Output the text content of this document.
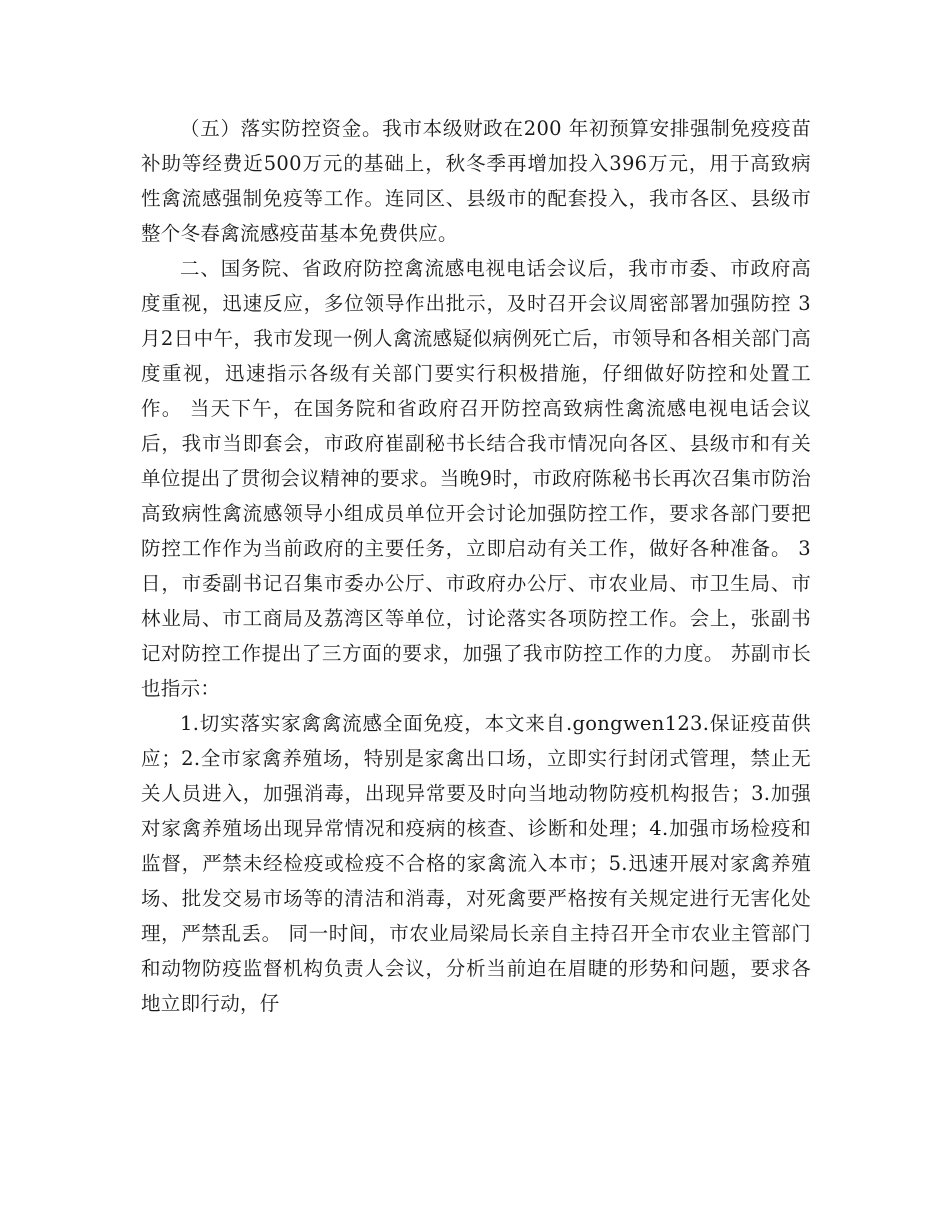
（五）落实防控资金。我市本级财政在200 年初预算安排强制免疫疫苗补助等经费近500万元的基础上，秋冬季再增加投入396万元，用于高致病性禽流感强制免疫等工作。连同区、县级市的配套投入，我市各区、县级市整个冬春禽流感疫苗基本免费供应。

二、国务院、省政府防控禽流感电视电话会议后，我市市委、市政府高度重视，迅速反应，多位领导作出批示，及时召开会议周密部署加强防控 3月2日中午，我市发现一例人禽流感疑似病例死亡后，市领导和各相关部门高度重视，迅速指示各级有关部门要实行积极措施，仔细做好防控和处置工作。 当天下午，在国务院和省政府召开防控高致病性禽流感电视电话会议后，我市当即套会，市政府崔副秘书长结合我市情况向各区、县级市和有关单位提出了贯彻会议精神的要求。当晚9时，市政府陈秘书长再次召集市防治高致病性禽流感领导小组成员单位开会讨论加强防控工作，要求各部门要把防控工作作为当前政府的主要任务，立即启动有关工作，做好各种准备。 3日，市委副书记召集市委办公厅、市政府办公厅、市农业局、市卫生局、市林业局、市工商局及荔湾区等单位，讨论落实各项防控工作。会上，张副书记对防控工作提出了三方面的要求，加强了我市防控工作的力度。 苏副市长也指示：

1.切实落实家禽禽流感全面免疫，本文来自.gongwen123.保证疫苗供应；2.全市家禽养殖场，特别是家禽出口场，立即实行封闭式管理，禁止无关人员进入，加强消毒，出现异常要及时向当地动物防疫机构报告；3.加强对家禽养殖场出现异常情况和疫病的核查、诊断和处理；4.加强市场检疫和监督，严禁未经检疫或检疫不合格的家禽流入本市；5.迅速开展对家禽养殖场、批发交易市场等的清洁和消毒，对死禽要严格按有关规定进行无害化处理，严禁乱丢。 同一时间，市农业局梁局长亲自主持召开全市农业主管部门和动物防疫监督机构负责人会议，分析当前迫在眉睫的形势和问题，要求各地立即行动，仔
